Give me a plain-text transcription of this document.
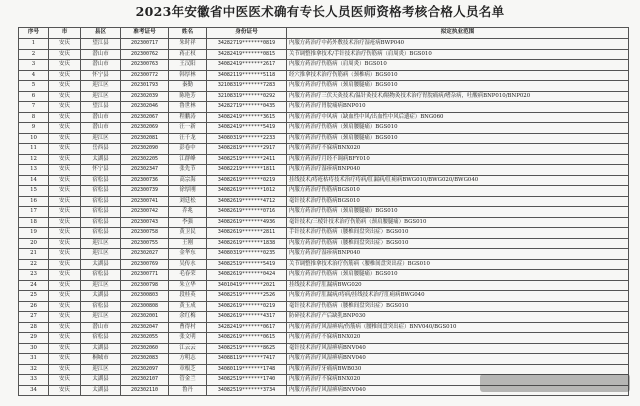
2023年安徽省中医医术确有专长人员医师资格考核合格人员名单
序号	市	县区	准考证号	姓名	身份证号	拟定执业范围
1	安庆	望江县	202300717	朱时祥	34282719*******0819	内服方药治疗中药外敷技术治疗湿疮病BWP040
2	安庆	潜山市	202300762	蒋正权	34282419*******0815	关节调整推拿技术/手针技术治疗伤筋病（肩周炎）BGS010
3	安庆	潜山市	202300763	王汉阳	34082419*******2617	内服方药治疗伤筋病（肩周炎）BGS010
4	安庆	怀宁县	202300772	韩厚林	34082119*******5118	经穴推拿技术治疗伤筋病（颈椎病）BGS010
5	安庆	迎江区	202301793	秦勤	32108319*******7283	内服方药治疗伤筋病（颈肩腰腿痛）BGS010
6	安庆	迎江区	202302039	陈艳芳	32108319*******0292	内服方药治疗三伏天灸技术/温针灸技术/隔物灸技术治疗胃脘痛病/嗜杂病，吐酸病BNP010/BNP020
7	安庆	望江县	202302046	鲁世林	34282719*******0435	内服方药治疗胃脘痛病BNP010
8	安庆	潜山市	202302067	程鹏涛	34082419*******3615	内服方药治疗中风病（缺血性中风/出血性中风后遗症）BNG060
9	安庆	潜山市	202302069	汪一新	34082419*******5419	内服方药治疗伤筋病（颈肩腰腿痛）BGS010
10	安庆	迎江区	202302081	汪千龙	34080319*******2233	内服方药治疗伤筋病（颈肩腰腿痛）BGS010
11	安庆	岳西县	202302090	彭卷中	34082819*******2917	内服方药治疗不寐病BNX020
12	安庆	太湖县	202302205	江群峰	34082519*******2411	内服方药治疗月经不调病BFY010
13	安庆	怀宁县	202302347	张先节	34082219*******1811	内服方药治疗湿疹病BNP040
14	安庆	宿松县	202300736	高宗海	34082619*******0219	挂线技术/痔疮枯痔技术治疗痔病/肛漏病/肛痈病BWG010/BWG020/BWG040
15	安庆	宿松县	202300739	徐厚刚	34082619*******1012	内服方药治疗伤筋病BGS010
16	安庆	宿松县	202300741	刘廷松	34082619*******4712	毫针技术治疗伤筋病BGS010
17	安庆	宿松县	202300742	乔兆	34082619*******0716	内服方药治疗伤筋病（颈肩腰腿痛）BGS010
18	安庆	宿松县	202300743	李强	34082619*******4936	毫针技术/三棱针技术治疗伤筋病（颈肩腰腿痛）BGS010
19	安庆	宿松县	202300758	黄卫民	34082619*******2811	手针技术治疗伤筋病（腰椎间盘突出症）BGS010
20	安庆	迎江区	202300755	王刚	34082619*******1838	内服方药治疗伤筋病（腰椎间盘突出症）BGS010
21	安庆	迎江区	202302027	金华东	34080319*******0235	内服方药治疗湿疹病BNP040
22	安庆	太湖县	202300769	吴传水	34082519*******5419	关节调整推拿技术治疗伤筋病（腰椎间盘突出症）BGS010
23	安庆	宿松县	202300771	毛春荣	34082619*******0424	内服方药治疗伤筋病（颈肩腰腿痛）BGS010
24	安庆	迎江区	202300798	朱立华	34010419*******2021	挂线技术治疗肛漏病BWG020
25	安庆	太湖县	202300803	段桂英	34082519*******2526	内服方药治疗肛漏病/痔病/挂线技术治疗肛痈病BWG040
26	安庆	宿松县	202300808	黄玉成	34082619*******0219	毫针技术治疗伤筋病（腰椎间盘突出症）BGS010
27	安庆	迎江区	202302001	余红梅	34082619*******4317	防碎技术治疗产后缺乳BNP030
28	安庆	潜山市	202302047	曹得村	34282419*******0617	内服方药治疗风湿痹病/伤筋病（腰椎间盘突出症）BNV040/BGS010
29	安庆	宿松县	202302055	张文明	34082619*******0615	内服方药治疗不寐病BNX020
30	安庆	太湖县	202302060	江云云	34082519*******8625	毫针技术治疗风湿痹病BNV040
31	安庆	桐城市	202302083	方明志	34088119*******7417	内服方药治疗风湿痹病BNV040
32	安庆	迎江区	202302097	章根芝	34080119*******1748	内服方药治疗牙痛病BWB030
33	安庆	太湖县	202302107	管金兰	34082519*******1740	内服方药治疗不寐病BNX020
34	安庆	太湖县	202302110	鲁丹	34082519*******3734	内服方药治疗风湿痹病BNV040
